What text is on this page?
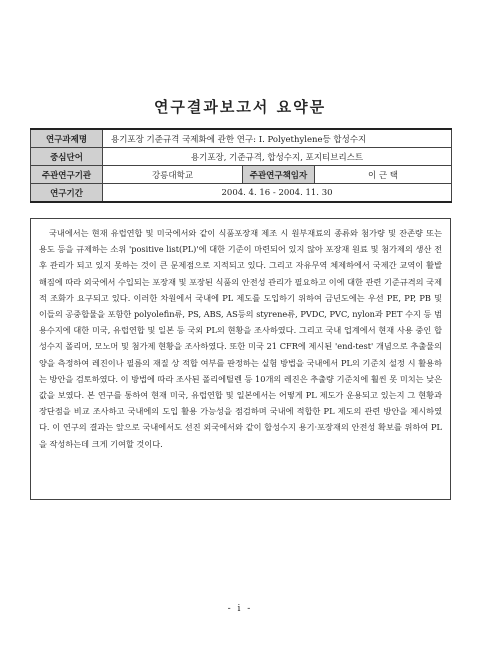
연구결과보고서 요약문
연구과제명	용기포장 기준규격 국제화에 관한 연구: I. Polyethylene등 합성수지		
중심단어	용기포장, 기준규격, 합성수지, 포지티브리스트		
주관연구기관	강릉대학교	주관연구책임자	이 근 택
연구기간	2004. 4. 16 - 2004. 11. 30		

국내에서는 현재 유럽연합 및 미국에서와 같이 식품포장재 제조 시 원부재료의 종류와 첨가량 및 잔존량 또는 용도 등을 규제하는 소위 'positive list(PL)'에 대한 기준이 마련되어 있지 않아 포장재 원료 및 첨가제의 생산 전후 관리가 되고 있지 못하는 것이 큰 문제점으로 지적되고 있다. 그리고 자유무역 체제하에서 국제간 교역이 활발해짐에 따라 외국에서 수입되는 포장재 및 포장된 식품의 안전성 관리가 필요하고 이에 대한 관련 기준규격의 국제적 조화가 요구되고 있다. 이러한 차원에서 국내에 PL 제도를 도입하기 위하여 금년도에는 우선 PE, PP, PB 및 이들의 공중합물을 포함한 polyolefin류, PS, ABS, AS등의 styrene류, PVDC, PVC, nylon과 PET 수지 등 범용수지에 대한 미국, 유럽연합 및 일본 등 국외 PL의 현황을 조사하였다. 그리고 국내 업계에서 현재 사용 중인 합성수지 폴리머, 모노머 및 첨가제 현황을 조사하였다. 또한 미국 21 CFR에 제시된 'end-test' 개념으로 추출물의 양을 측정하여 레진이나 필름의 재질 상 적합 여부를 판정하는 실험 방법을 국내에서 PL의 기준치 설정 시 활용하는 방안을 검토하였다. 이 방법에 따라 조사된 폴리에틸렌 등 10개의 레진은 추출량 기준치에 훨씬 못 미치는 낮은 값을 보였다. 본 연구를 통하여 현재 미국, 유럽연합 및 일본에서는 어떻게 PL 제도가 운용되고 있는지 그 현황과 장단점을 비교 조사하고 국내에의 도입 활용 가능성을 점검하며 국내에 적합한 PL 제도의 관련 방안을 제시하였다. 이 연구의 결과는 앞으로 국내에서도 선진 외국에서와 같이 합성수지 용기·포장재의 안전성 확보를 위하여 PL을 작성하는데 크게 기여할 것이다.

- i -
